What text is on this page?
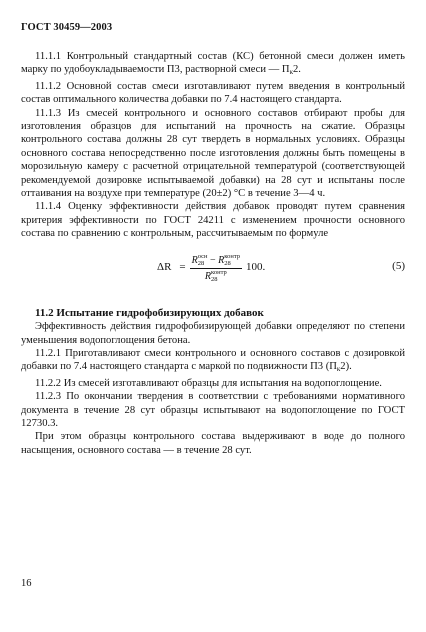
ГОСТ 30459—2003

11.1.1 Контрольный стандартный состав (КС) бетонной смеси должен иметь марку по удобоукладываемости П3, растворной смеси — $П_к2$.

11.1.2 Основной состав смеси изготавливают путем введения в контрольный состав оптимального количества добавки по 7.4 настоящего стандарта.

11.1.3 Из смесей контрольного и основного составов отбирают пробы для изготовления образцов для испытаний на прочность на сжатие. Образцы контрольного состава должны 28 сут твердеть в нормальных условиях. Образцы основного состава непосредственно после изготовления должны быть помещены в морозильную камеру с расчетной отрицательной температурой (соответствующей рекомендуемой дозировке испытываемой добавки) на 28 сут и испытаны после оттаивания на воздухе при температуре (20±2) °С в течение 3—4 ч.

11.1.4 Оценку эффективности действия добавок проводят путем сравнения критерия эффективности по ГОСТ 24211 с изменением прочности основного состава по сравнению с контрольным, рассчитываемым по формуле

ΔR = R осн
28 − R контр
28
R контр
28 100.	(5)

11.2 Испытание гидрофобизирующих добавок

Эффективность действия гидрофобизирующей добавки определяют по степени уменьшения водопоглощения бетона.

11.2.1 Приготавливают смеси контрольного и основного составов с дозировкой добавки по 7.4 настоящего стандарта с маркой по подвижности П3 $(П_к2)$.

11.2.2 Из смесей изготавливают образцы для испытания на водопоглощение.

11.2.3 По окончании твердения в соответствии с требованиями нормативного документа в течение 28 сут образцы испытывают на водопоглощение по ГОСТ 12730.3.

При этом образцы контрольного состава выдерживают в воде до полного насыщения, основного состава — в течение 28 сут.

16
